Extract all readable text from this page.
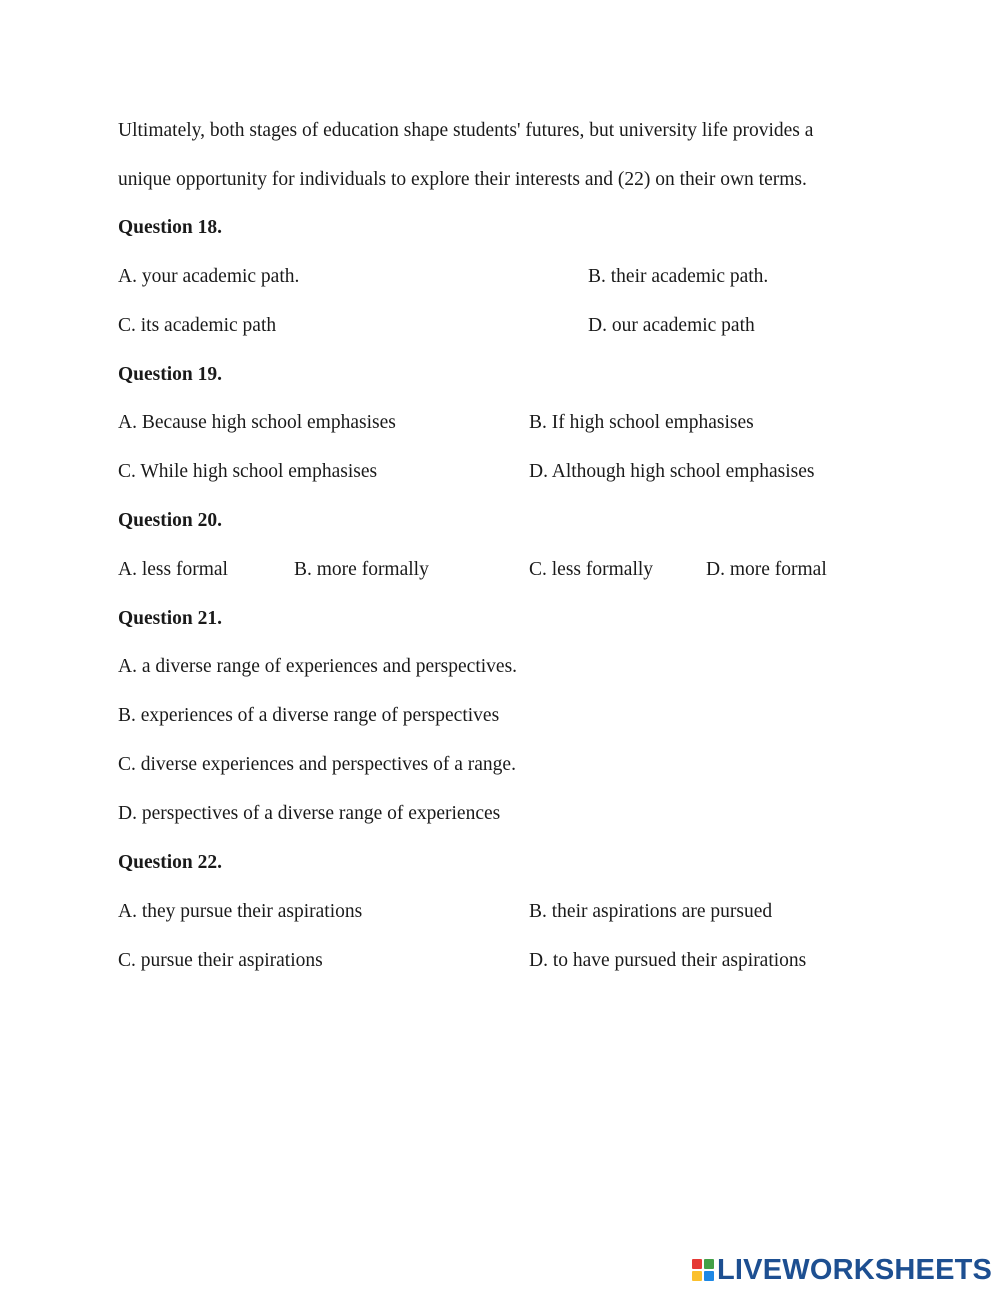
Ultimately, both stages of education shape students' futures, but university life provides a
unique opportunity for individuals to explore their interests and (22) on their own terms.
Question 18.
A. your academic path.	B. their academic path.
C. its academic path	D. our academic path
Question 19.
A. Because high school emphasises	B. If high school emphasises
C. While high school emphasises	D. Although high school emphasises
Question 20.
A. less formal	B. more formally	C. less formally	D. more formal
Question 21.
A. a diverse range of experiences and perspectives.
B. experiences of a diverse range of perspectives
C. diverse experiences and perspectives of a range.
D. perspectives of a diverse range of experiences
Question 22.
A. they pursue their aspirations	B. their aspirations are pursued
C. pursue their aspirations	D. to have pursued their aspirations
LIVEWORKSHEETS
